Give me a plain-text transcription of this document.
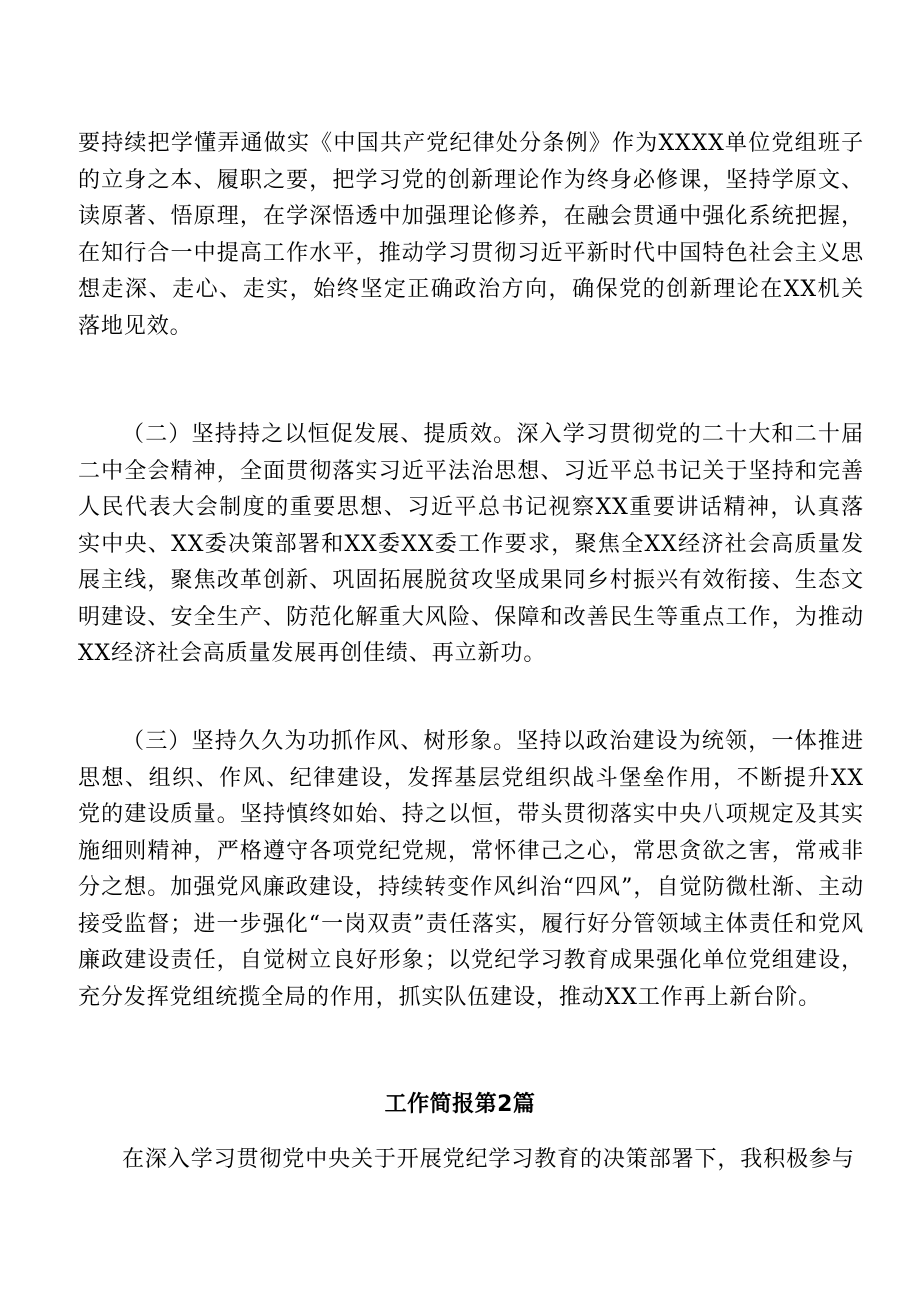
要持续把学懂弄通做实《中国共产党纪律处分条例》作为XXXX单位党组班子的立身之本、履职之要，把学习党的创新理论作为终身必修课，坚持学原文、读原著、悟原理，在学深悟透中加强理论修养，在融会贯通中强化系统把握，在知行合一中提高工作水平，推动学习贯彻习近平新时代中国特色社会主义思想走深、走心、走实，始终坚定正确政治方向，确保党的创新理论在XX机关落地见效。

（二）坚持持之以恒促发展、提质效。深入学习贯彻党的二十大和二十届二中全会精神，全面贯彻落实习近平法治思想、习近平总书记关于坚持和完善人民代表大会制度的重要思想、习近平总书记视察XX重要讲话精神，认真落实中央、XX委决策部署和XX委XX委工作要求，聚焦全XX经济社会高质量发展主线，聚焦改革创新、巩固拓展脱贫攻坚成果同乡村振兴有效衔接、生态文明建设、安全生产、防范化解重大风险、保障和改善民生等重点工作，为推动XX经济社会高质量发展再创佳绩、再立新功。

（三）坚持久久为功抓作风、树形象。坚持以政治建设为统领，一体推进思想、组织、作风、纪律建设，发挥基层党组织战斗堡垒作用，不断提升XX党的建设质量。坚持慎终如始、持之以恒，带头贯彻落实中央八项规定及其实施细则精神，严格遵守各项党纪党规，常怀律己之心，常思贪欲之害，常戒非分之想。加强党风廉政建设，持续转变作风纠治“四风”，自觉防微杜渐、主动接受监督；进一步强化“一岗双责”责任落实，履行好分管领域主体责任和党风廉政建设责任，自觉树立良好形象；以党纪学习教育成果强化单位党组建设，充分发挥党组统揽全局的作用，抓实队伍建设，推动XX工作再上新台阶。

工作简报第2篇

在深入学习贯彻党中央关于开展党纪学习教育的决策部署下，我积极参与
